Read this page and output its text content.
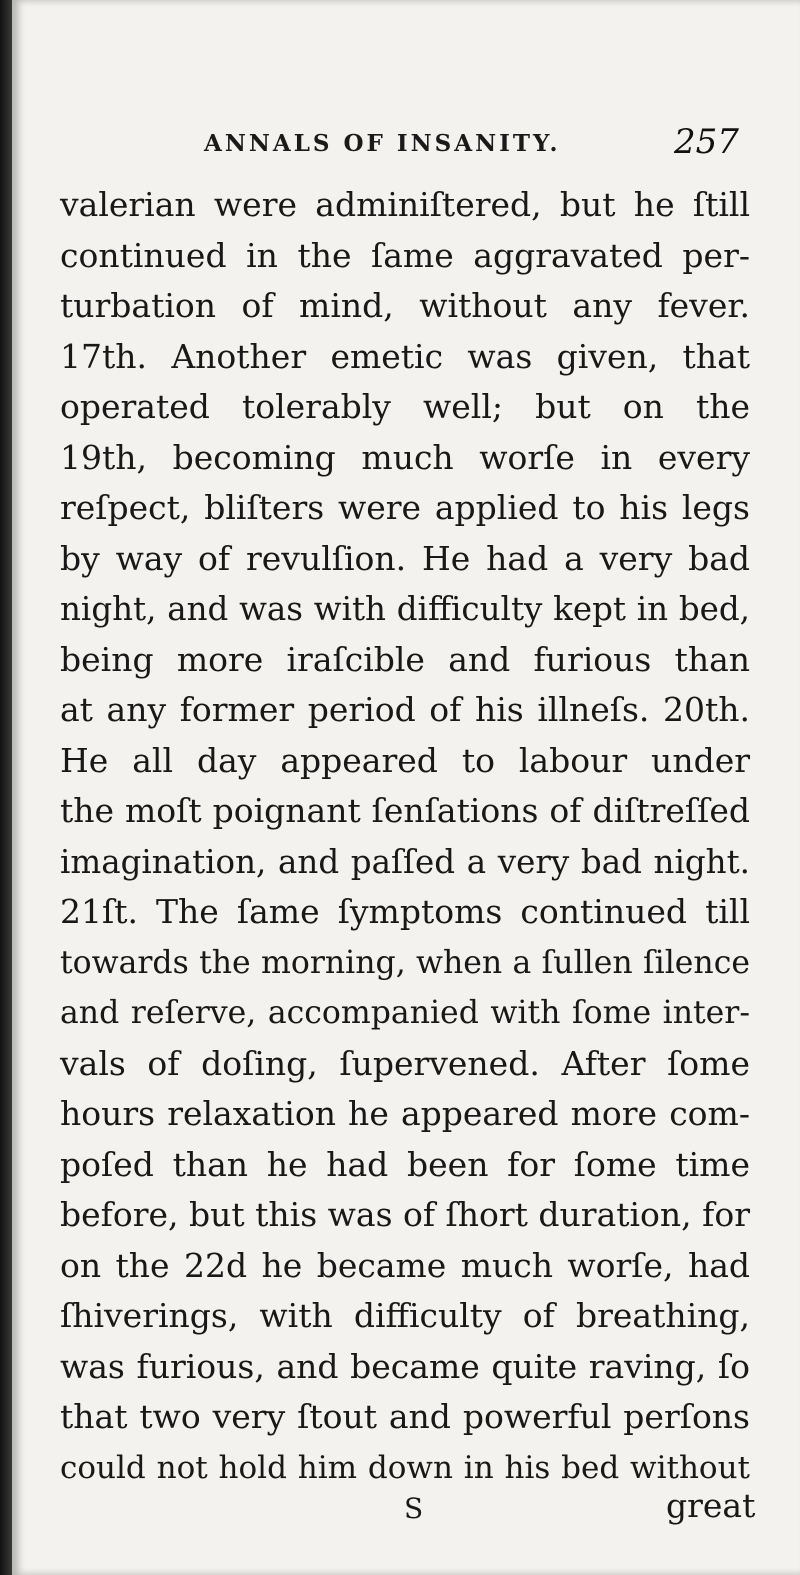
ANNALS OF INSANITY.	257
valerian were adminiſtered, but he ſtill
continued in the ſame aggravated per-
turbation of mind, without any fever.
17th. Another emetic was given, that
operated tolerably well; but on the
19th, becoming much worſe in every
reſpect, bliſters were applied to his legs
by way of revulſion. He had a very bad
night, and was with difficulty kept in bed,
being more iraſcible and furious than
at any former period of his illneſs. 20th.
He all day appeared to labour under
the moſt poignant ſenſations of diſtreſſed
imagination, and paſſed a very bad night.
21ſt. The ſame ſymptoms continued till
towards the morning, when a ſullen ſilence
and reſerve, accompanied with ſome inter-
vals of doſing, ſupervened. After ſome
hours relaxation he appeared more com-
poſed than he had been for ſome time
before, but this was of ſhort duration, for
on the 22d he became much worſe, had
ſhiverings, with difficulty of breathing,
was furious, and became quite raving, ſo
that two very ſtout and powerful perſons
could not hold him down in his bed without
S	great
